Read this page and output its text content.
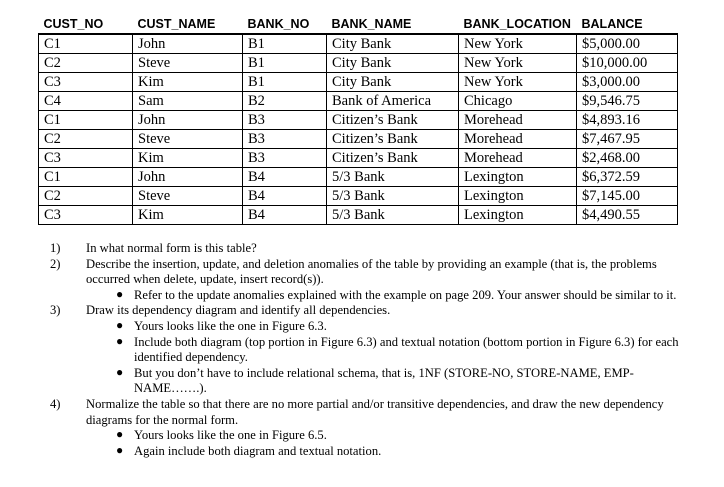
CUST_NO	CUST_NAME	BANK_NO	BANK_NAME	BANK_LOCATION	BALANCE
C1	John	B1	City Bank	New York	$5,000.00
C2	Steve	B1	City Bank	New York	$10,000.00
C3	Kim	B1	City Bank	New York	$3,000.00
C4	Sam	B2	Bank of America	Chicago	$9,546.75
C1	John	B3	Citizen’s Bank	Morehead	$4,893.16
C2	Steve	B3	Citizen’s Bank	Morehead	$7,467.95
C3	Kim	B3	Citizen’s Bank	Morehead	$2,468.00
C1	John	B4	5/3 Bank	Lexington	$6,372.59
C2	Steve	B4	5/3 Bank	Lexington	$7,145.00
C3	Kim	B4	5/3 Bank	Lexington	$4,490.55

1) In what normal form is this table?

2) Describe the insertion, update, and deletion anomalies of the table by providing an example (that is, the problems occurred when delete, update, insert record(s)).

● Refer to the update anomalies explained with the example on page 209. Your answer should be similar to it.

3) Draw its dependency diagram and identify all dependencies.

● Yours looks like the one in Figure 6.3.

● Include both diagram (top portion in Figure 6.3) and textual notation (bottom portion in Figure 6.3) for each identified dependency.

● But you don’t have to include relational schema, that is, 1NF (STORE-NO, STORE-NAME, EMP-NAME…….).

4) Normalize the table so that there are no more partial and/or transitive dependencies, and draw the new dependency diagrams for the normal form.

● Yours looks like the one in Figure 6.5.

● Again include both diagram and textual notation.
